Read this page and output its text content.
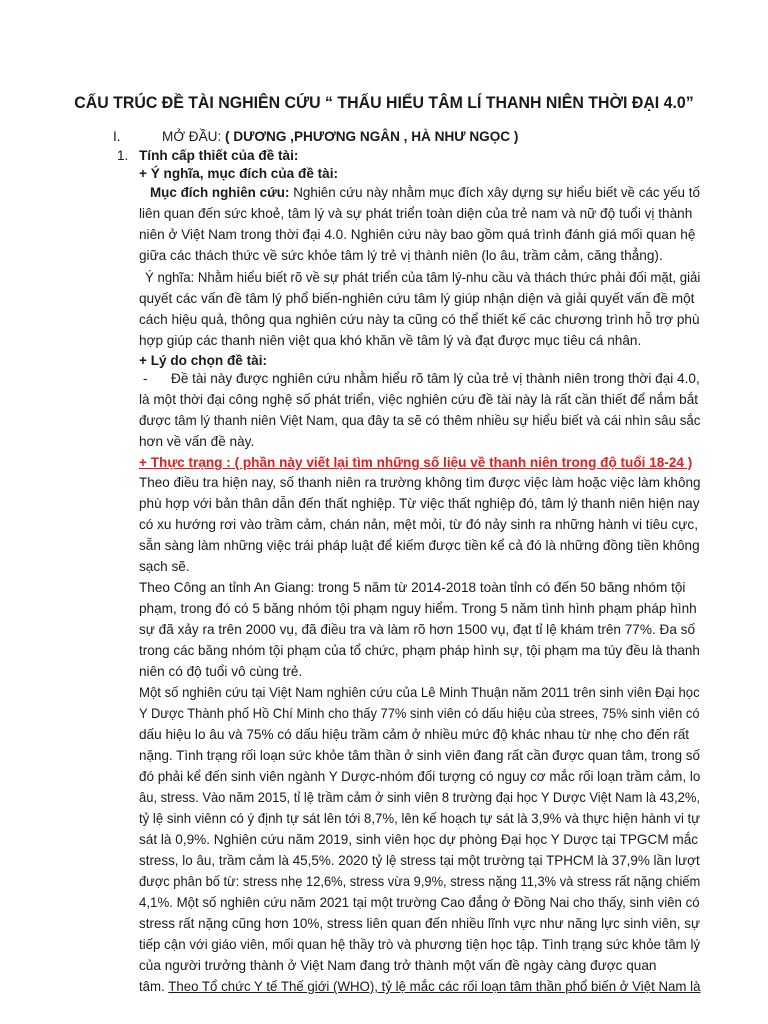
CẤU TRÚC ĐỀ TÀI NGHIÊN CỨU “ THẤU HIỂU TÂM LÍ THANH NIÊN THỜI ĐẠI 4.0”
I.	MỞ ĐẦU: ( DƯƠNG ,PHƯƠNG NGÂN , HÀ NHƯ NGỌC )
1. Tính cấp thiết của đề tài:
+ Ý nghĩa, mục đích của đề tài:
Mục đích nghiên cứu: Nghiên cứu này nhằm mục đích xây dựng sự hiểu biết về các yếu tố
liên quan đến sức khoẻ, tâm lý và sự phát triển toàn diện của trẻ nam và nữ độ tuổi vị thành
niên ở Việt Nam trong thời đại 4.0. Nghiên cứu này bao gồm quá trình đánh giá mối quan hệ
giữa các thách thức về sức khỏe tâm lý trẻ vị thành niên (lo âu, trầm cảm, căng thẳng).
Ý nghĩa: Nhằm hiểu biết rõ về sự phát triển của tâm lý-nhu cầu và thách thức phải đối mặt, giải
quyết các vấn đề tâm lý phổ biến-nghiên cứu tâm lý giúp nhận diện và giải quyết vấn đề một
cách hiệu quả, thông qua nghiên cứu này ta cũng có thể thiết kế các chương trình hỗ trợ phù
hợp giúp các thanh niên việt qua khó khăn về tâm lý và đạt được mục tiêu cá nhân.
+ Lý do chọn đề tài:
- Đề tài này được nghiên cứu nhằm hiểu rõ tâm lý của trẻ vị thành niên trong thời đại 4.0,
là một thời đại công nghệ số phát triển, việc nghiên cứu đề tài này là rất cần thiết để nắm bắt
được tâm lý thanh niên Việt Nam, qua đây ta sẽ có thêm nhiều sự hiểu biết và cái nhìn sâu sắc
hơn về vấn đề này.
+ Thực trạng : ( phần này viết lại tìm những số liệu về thanh niên trong độ tuổi 18-24 )
Theo điều tra hiện nay, số thanh niên ra trường không tìm được việc làm hoặc việc làm không
phù hợp với bản thân dẫn đến thất nghiệp. Từ việc thất nghiệp đó, tâm lý thanh niên hiện nay
có xu hướng rơi vào trầm cảm, chán nản, mệt mỏi, từ đó nảy sinh ra những hành vi tiêu cực,
sẵn sàng làm những việc trái pháp luật để kiếm được tiền kể cả đó là những đồng tiền không
sạch sẽ.
Theo Công an tỉnh An Giang: trong 5 năm từ 2014-2018 toàn tỉnh có đến 50 băng nhóm tội
phạm, trong đó có 5 băng nhóm tội phạm nguy hiểm. Trong 5 năm tình hình phạm pháp hình
sự đã xảy ra trên 2000 vụ, đã điều tra và làm rõ hơn 1500 vụ, đạt tỉ lệ khám trên 77%. Đa số
trong các băng nhóm tội phạm của tổ chức, phạm pháp hình sự, tội phạm ma túy đều là thanh
niên có độ tuổi vô cùng trẻ.
Một số nghiên cứu tại Việt Nam nghiên cứu của Lê Minh Thuận năm 2011 trên sinh viên Đại học
Y Dược Thành phố Hồ Chí Minh cho thấy 77% sinh viên có dấu hiệu của strees, 75% sinh viên có
dấu hiệu lo âu và 75% có dấu hiệu trầm cảm ở nhiều mức độ khác nhau từ nhẹ cho đến rất
nặng. Tình trạng rối loạn sức khỏe tâm thần ở sinh viên đang rất cần được quan tâm, trong số
đó phải kể đến sinh viên ngành Y Dược-nhóm đối tượng có nguy cơ mắc rối loạn trầm cảm, lo
âu, stress. Vào năm 2015, tỉ lệ trầm cảm ở sinh viên 8 trường đại học Y Dược Việt Nam là 43,2%,
tỷ lệ sinh viênn có ý định tự sát lên tới 8,7%, lên kế hoạch tự sát là 3,9% và thực hiện hành vi tự
sát là 0,9%. Nghiên cứu năm 2019, sinh viên học dự phòng Đại học Y Dược tại TPGCM mắc
stress, lo âu, trầm cảm là 45,5%. 2020 tỷ lệ stress tại một trường tại TPHCM là 37,9% lần lượt
được phân bố từ: stress nhẹ 12,6%, stress vừa 9,9%, stress nặng 11,3% và stress rất nặng chiếm
4,1%. Một số nghiên cứu năm 2021 tại một trường Cao đẳng ở Đồng Nai cho thấy, sinh viên có
stress rất nặng cũng hơn 10%, stress liên quan đến nhiều lĩnh vực như năng lực sinh viên, sự
tiếp cận với giáo viên, mối quan hệ thầy trò và phương tiện học tập. Tình trạng sức khỏe tâm lý
của người trưởng thành ở Việt Nam đang trở thành một vấn đề ngày càng được quan
tâm. Theo Tổ chức Y tế Thế giới (WHO), tỷ lệ mắc các rối loạn tâm thần phổ biến ở Việt Nam là
